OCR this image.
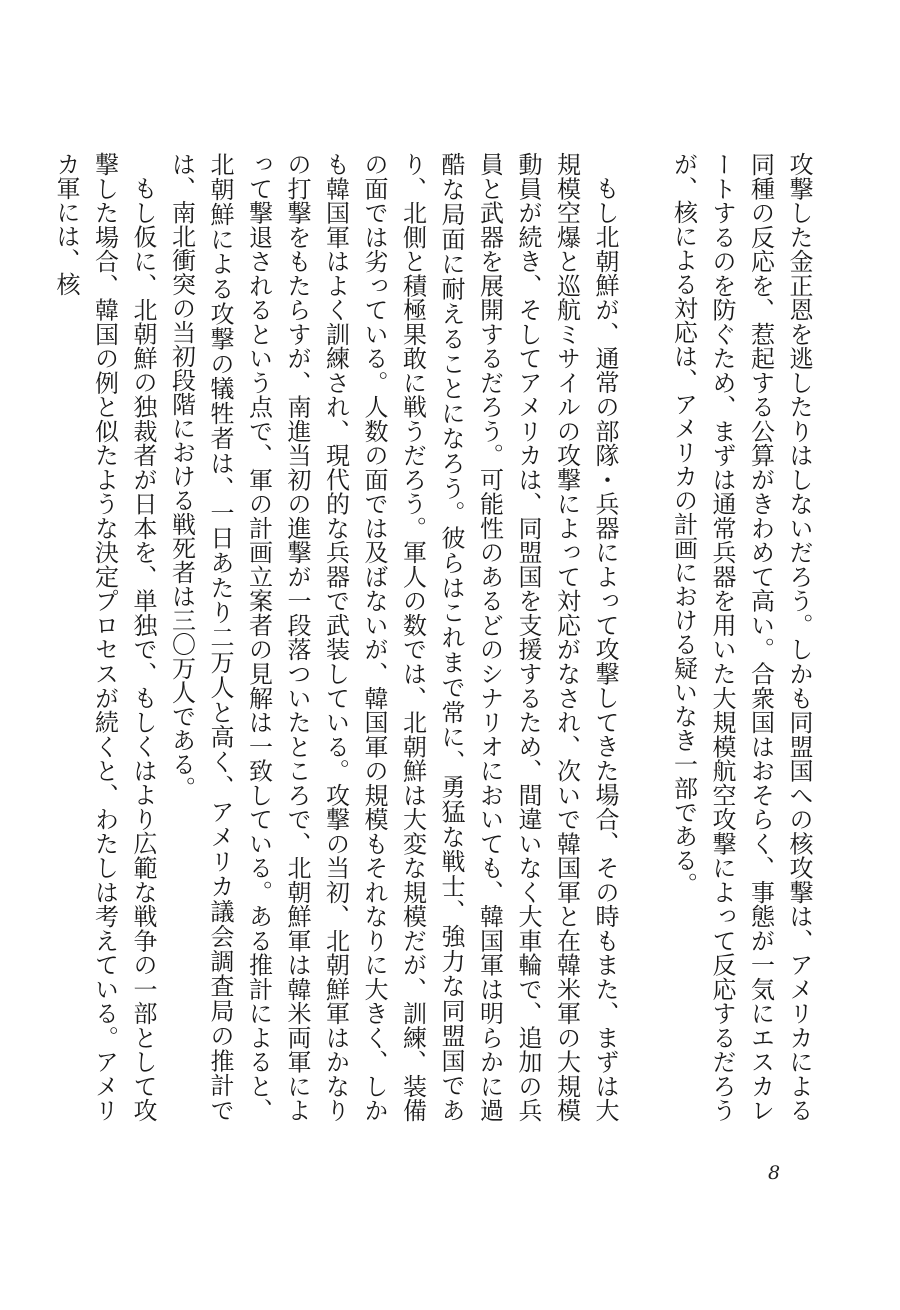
攻撃した金正恩を逃したりはしないだろう。しかも同盟国への核攻撃は、アメリカによる同種の反応を、惹起する公算がきわめて高い。合衆国はおそらく、事態が一気にエスカレートするのを防ぐため、まずは通常兵器を用いた大規模航空攻撃によって反応するだろうが、核による対応は、アメリカの計画における疑いなき一部である。

もし北朝鮮が、通常の部隊・兵器によって攻撃してきた場合、その時もまた、まずは大規模空爆と巡航ミサイルの攻撃によって対応がなされ、次いで韓国軍と在韓米軍の大規模動員が続き、そしてアメリカは、同盟国を支援するため、間違いなく大車輪で、追加の兵員と武器を展開するだろう。可能性のあるどのシナリオにおいても、韓国軍は明らかに過酷な局面に耐えることになろう。彼らはこれまで常に、勇猛な戦士、強力な同盟国であり、北側と積極果敢に戦うだろう。軍人の数では、北朝鮮は大変な規模だが、訓練、装備の面では劣っている。人数の面では及ばないが、韓国軍の規模もそれなりに大きく、しかも韓国軍はよく訓練され、現代的な兵器で武装している。攻撃の当初、北朝鮮軍はかなりの打撃をもたらすが、南進当初の進撃が一段落ついたところで、北朝鮮軍は韓米両軍によって撃退されるという点で、軍の計画立案者の見解は一致している。ある推計によると、北朝鮮による攻撃の犠牲者は、一日あたり二万人と高く、アメリカ議会調査局の推計では、南北衝突の当初段階における戦死者は三〇万人である。

もし仮に、北朝鮮の独裁者が日本を、単独で、もしくはより広範な戦争の一部として攻撃した場合、韓国の例と似たような決定プロセスが続くと、わたしは考えている。アメリカ軍には、核

8
